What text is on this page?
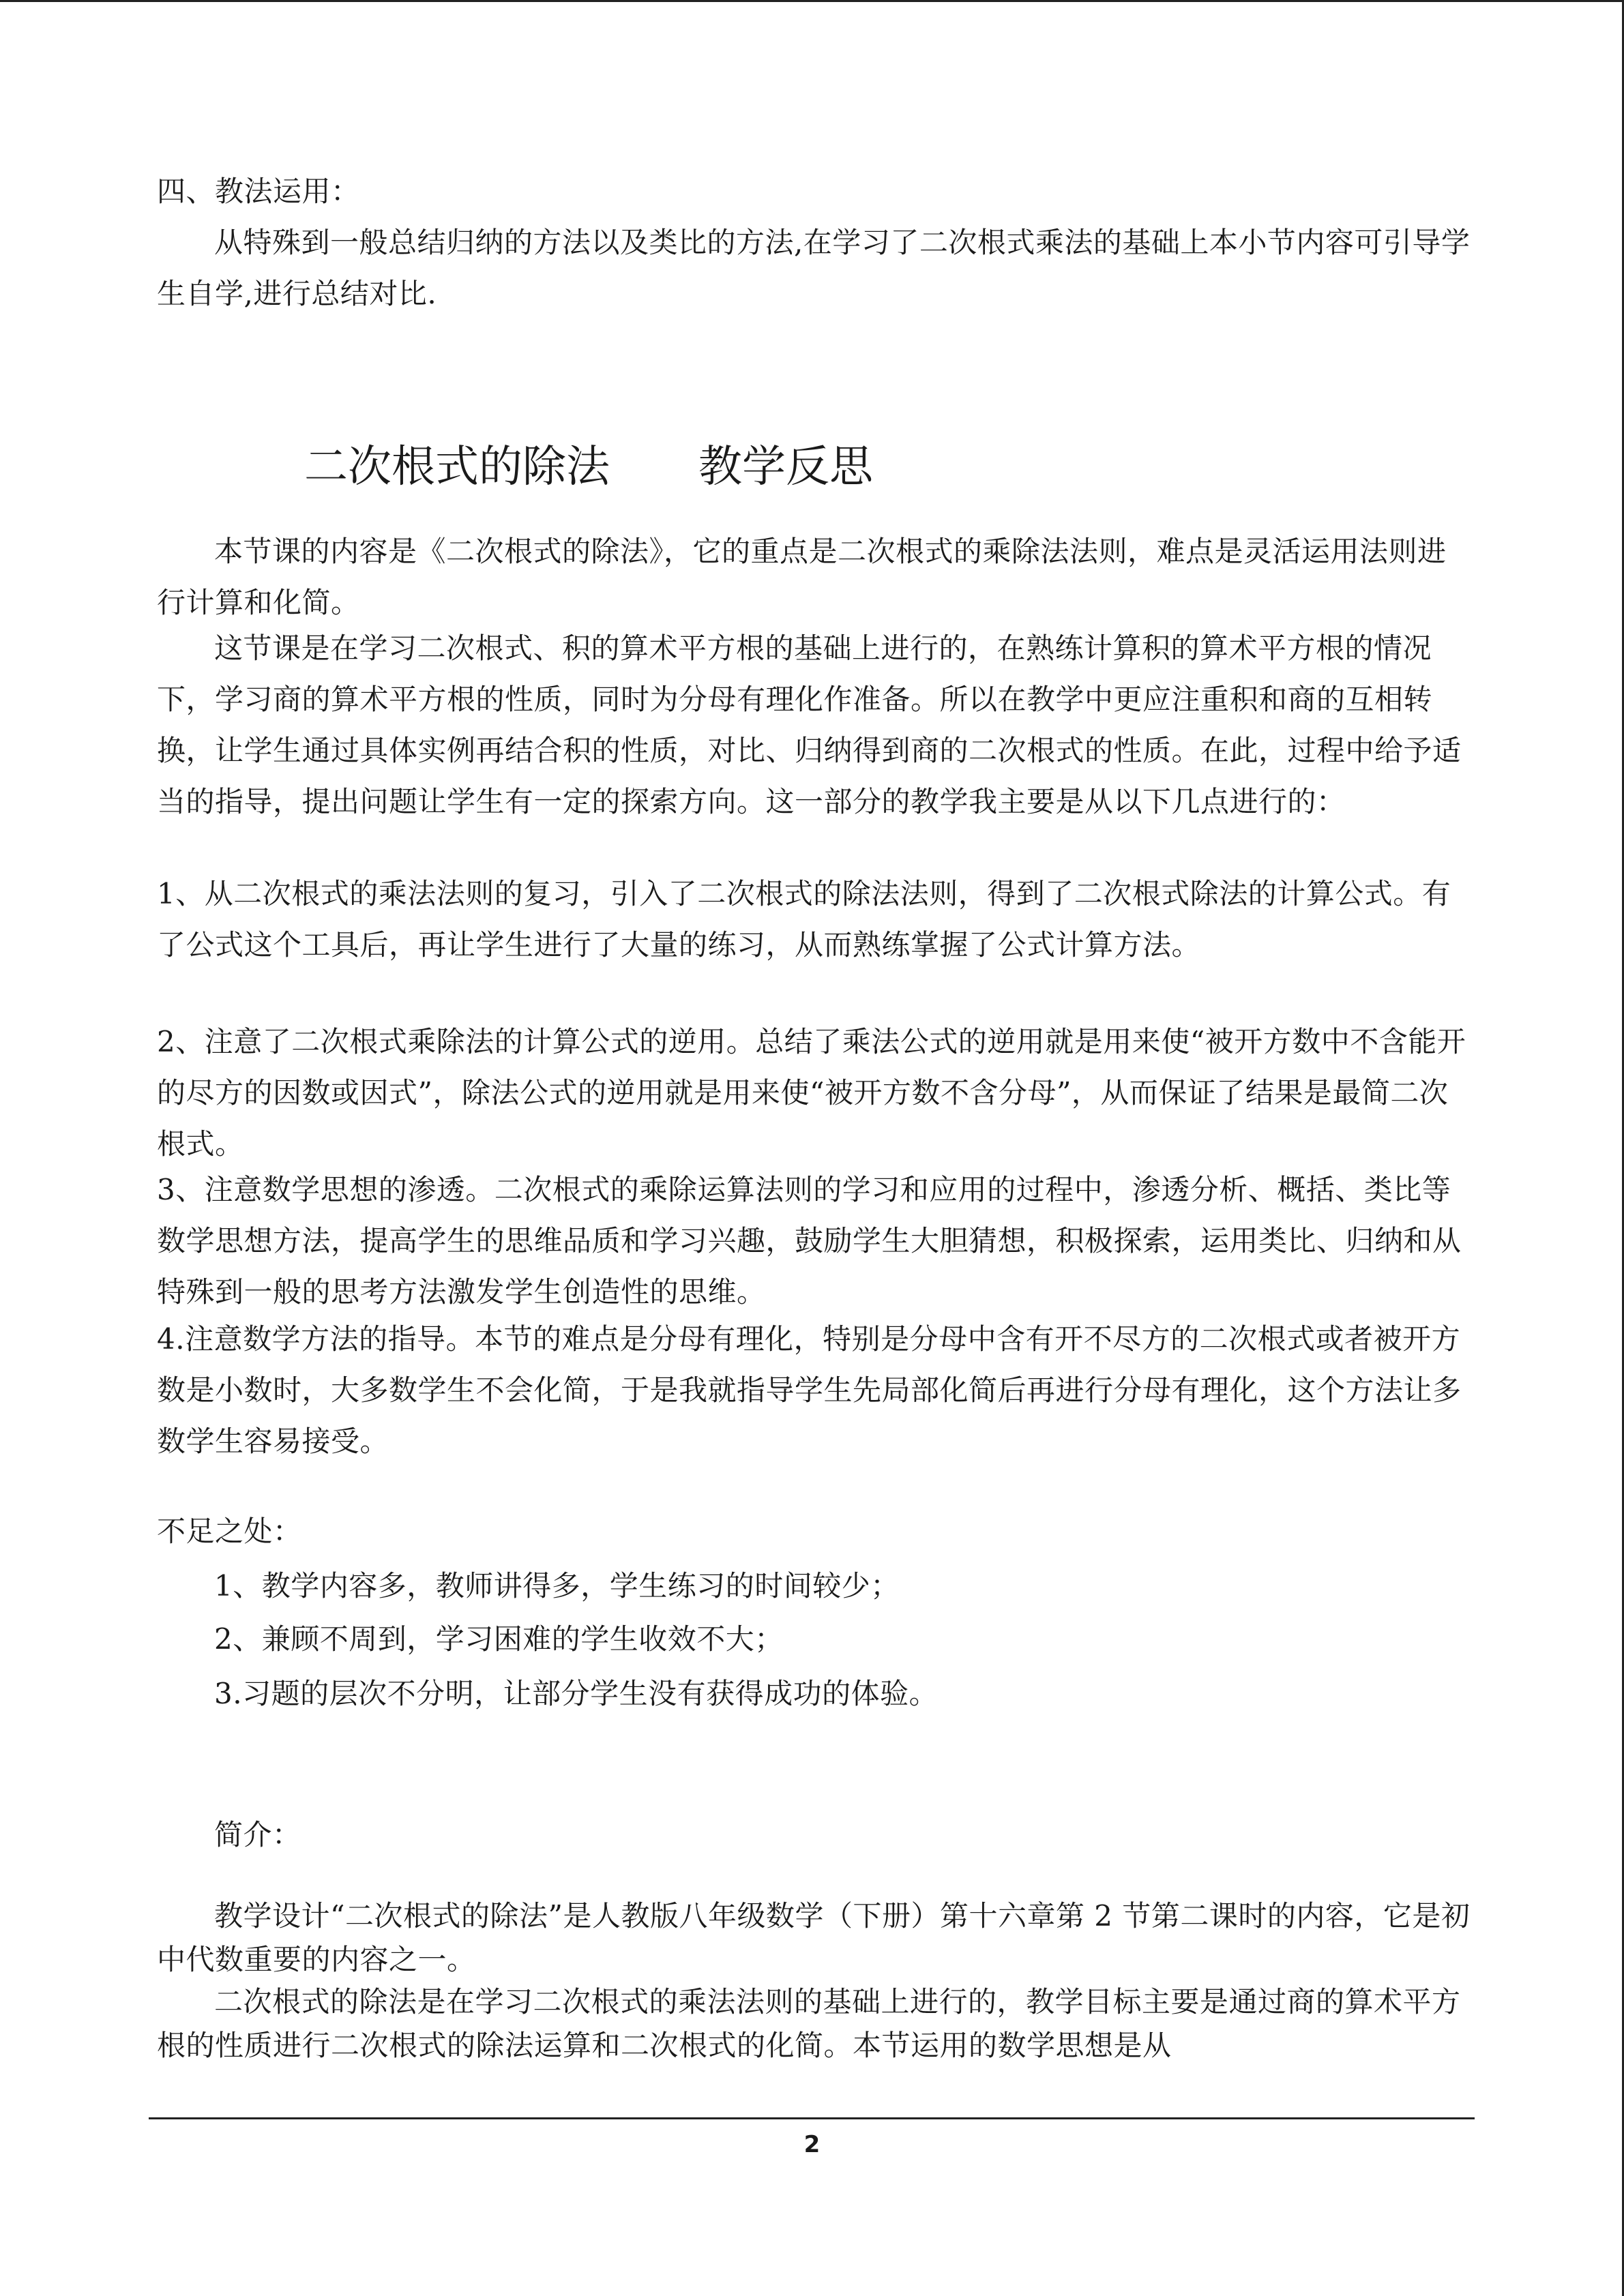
四、教法运用：

从特殊到一般总结归纳的方法以及类比的方法,在学习了二次根式乘法的基础上本小节内容可引导学生自学,进行总结对比.

二次根式的除法 教学反思

本节课的内容是《二次根式的除法》，它的重点是二次根式的乘除法法则，难点是灵活运用法则进行计算和化简。

这节课是在学习二次根式、积的算术平方根的基础上进行的，在熟练计算积的算术平方根的情况下，学习商的算术平方根的性质，同时为分母有理化作准备。所以在教学中更应注重积和商的互相转换，让学生通过具体实例再结合积的性质，对比、归纳得到商的二次根式的性质。在此，过程中给予适当的指导，提出问题让学生有一定的探索方向。这一部分的教学我主要是从以下几点进行的：

1、从二次根式的乘法法则的复习，引入了二次根式的除法法则，得到了二次根式除法的计算公式。有了公式这个工具后，再让学生进行了大量的练习，从而熟练掌握了公式计算方法。

2、注意了二次根式乘除法的计算公式的逆用。总结了乘法公式的逆用就是用来使“被开方数中不含能开的尽方的因数或因式”，除法公式的逆用就是用来使“被开方数不含分母”，从而保证了结果是最简二次根式。

3、注意数学思想的渗透。二次根式的乘除运算法则的学习和应用的过程中，渗透分析、概括、类比等数学思想方法，提高学生的思维品质和学习兴趣，鼓励学生大胆猜想，积极探索，运用类比、归纳和从特殊到一般的思考方法激发学生创造性的思维。

4.注意数学方法的指导。本节的难点是分母有理化，特别是分母中含有开不尽方的二次根式或者被开方数是小数时，大多数学生不会化简，于是我就指导学生先局部化简后再进行分母有理化，这个方法让多数学生容易接受。

不足之处：
1、教学内容多，教师讲得多，学生练习的时间较少；
2、兼顾不周到，学习困难的学生收效不大；
3.习题的层次不分明，让部分学生没有获得成功的体验。
简介：

教学设计“二次根式的除法”是人教版八年级数学（下册）第十六章第 2 节第二课时的内容，它是初中代数重要的内容之一。

二次根式的除法是在学习二次根式的乘法法则的基础上进行的，教学目标主要是通过商的算术平方根的性质进行二次根式的除法运算和二次根式的化简。本节运用的数学思想是从

2
